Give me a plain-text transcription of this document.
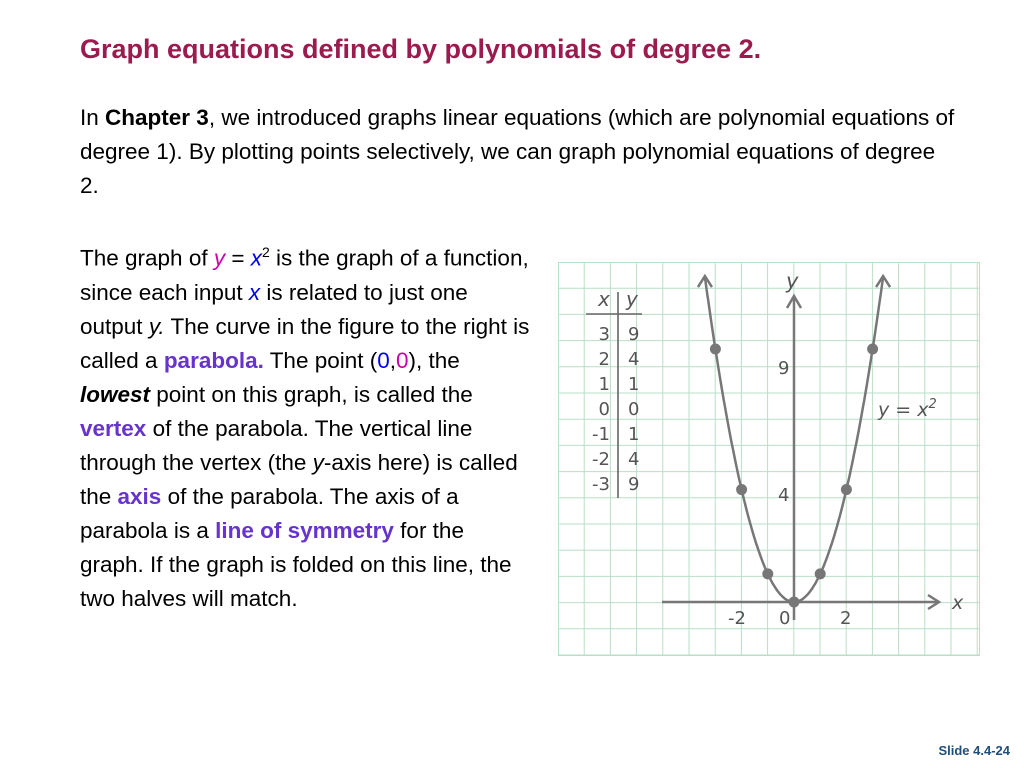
Graph equations defined by polynomials of degree 2.
In Chapter 3, we introduced graphs linear equations (which are polynomial equations of degree 1). By plotting points selectively, we can graph polynomial equations of degree 2.
The graph of $y = x^2$ is the graph of a function, since each input x is related to just one output y. The curve in the figure to the right is called a parabola. The point (0,0), the lowest point on this graph, is called the vertex of the parabola. The vertical line through the vertex (the y-axis here) is called the axis of the parabola. The axis of a parabola is a line of symmetry for the graph. If the graph is folded on this line, the two halves will match.
x y
3 9
2 4
1 1
0 0
-1 1
-2 4
-3 9
x
y
-2 0	2
9
4
$y = x^2$
Slide 4.4-24
